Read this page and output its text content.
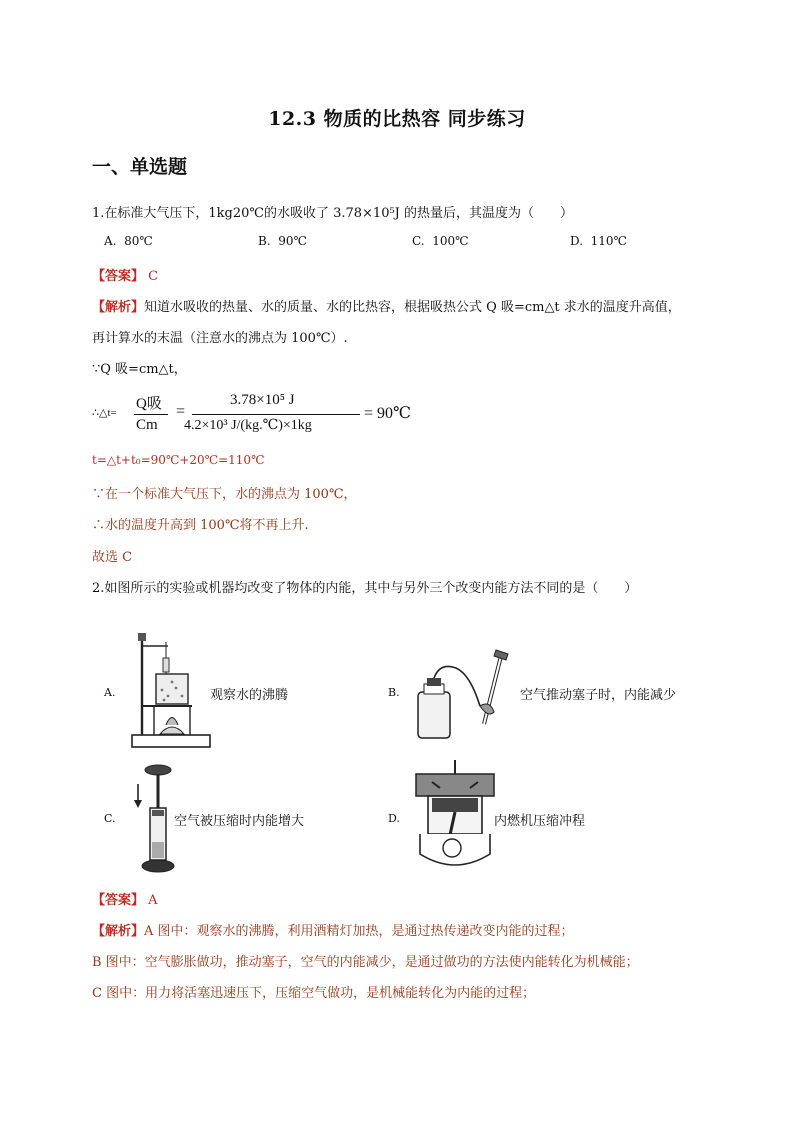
12.3 物质的比热容 同步练习
一、单选题
1.在标准大气压下，1kg20℃的水吸收了 3.78×10⁵J 的热量后，其温度为（　　）
A. 80℃	B. 90℃	C. 100℃	D. 110℃
【答案】 C
【解析】知道水吸收的热量、水的质量、水的比热容，根据吸热公式 Q 吸=cm△t 求水的温度升高值，
再计算水的末温（注意水的沸点为 100℃）.
∵Q 吸=cm△t，
∴△t=
Q吸
Cm
=
3.78×10⁵ J
4.2×10³ J/(kg.℃)×1kg
= 90℃
t=△t+t₀=90℃+20℃=110℃
∵在一个标准大气压下，水的沸点为 100℃，
∴水的温度升高到 100℃将不再上升.
故选 C
2.如图所示的实验或机器均改变了物体的内能，其中与另外三个改变内能方法不同的是（　　）
A.	观察水的沸腾	B.	空气推动塞子时，内能减少
C.	空气被压缩时内能增大	D.	内燃机压缩冲程
【答案】 A
【解析】A 图中：观察水的沸腾，利用酒精灯加热，是通过热传递改变内能的过程；
B 图中：空气膨胀做功，推动塞子，空气的内能减少，是通过做功的方法使内能转化为机械能；
C 图中：用力将活塞迅速压下，压缩空气做功，是机械能转化为内能的过程；
